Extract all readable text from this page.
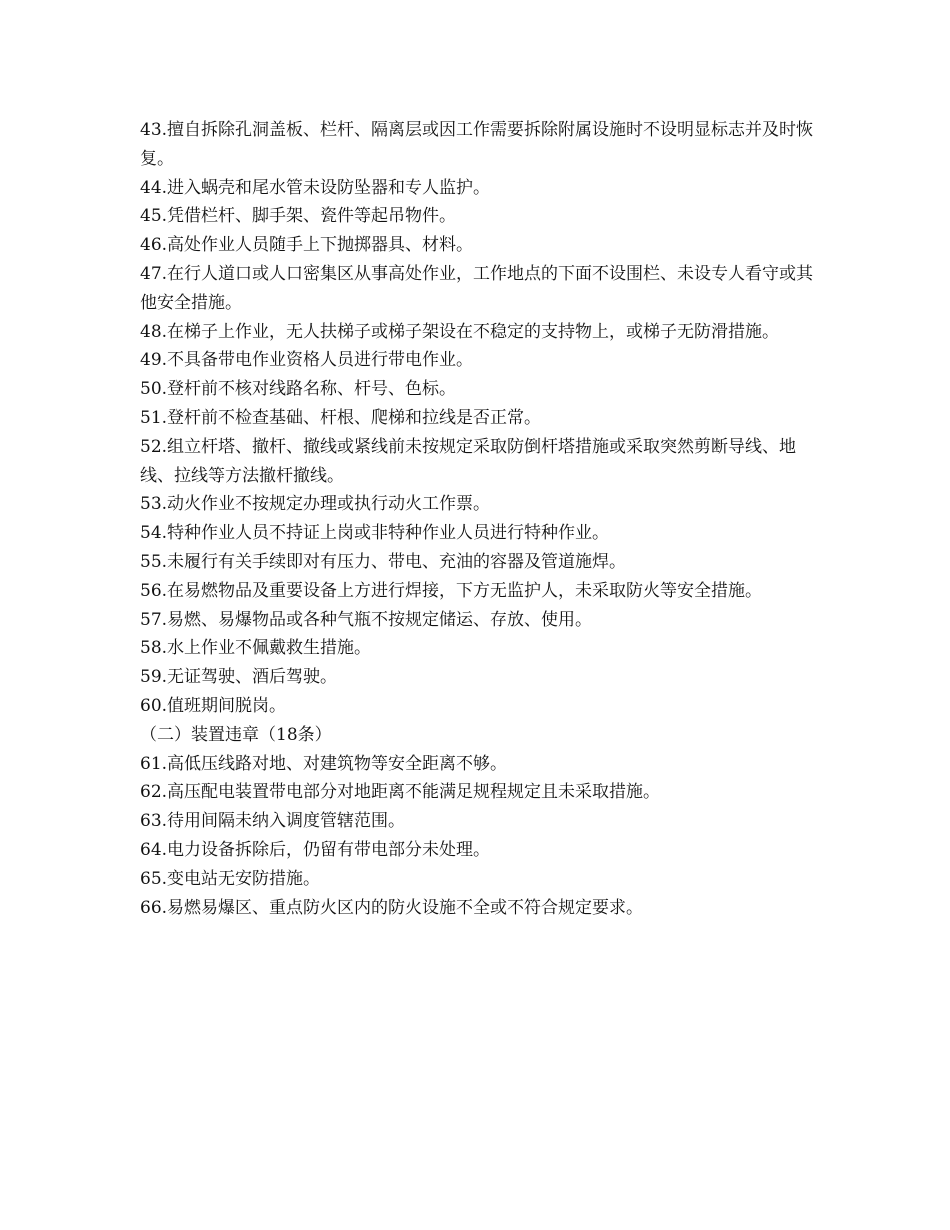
43.擅自拆除孔洞盖板、栏杆、隔离层或因工作需要拆除附属设施时不设明显标志并及时恢复。

44.进入蜗壳和尾水管未设防坠器和专人监护。

45.凭借栏杆、脚手架、瓷件等起吊物件。

46.高处作业人员随手上下抛掷器具、材料。

47.在行人道口或人口密集区从事高处作业，工作地点的下面不设围栏、未设专人看守或其他安全措施。

48.在梯子上作业，无人扶梯子或梯子架设在不稳定的支持物上，或梯子无防滑措施。

49.不具备带电作业资格人员进行带电作业。

50.登杆前不核对线路名称、杆号、色标。

51.登杆前不检查基础、杆根、爬梯和拉线是否正常。

52.组立杆塔、撤杆、撤线或紧线前未按规定采取防倒杆塔措施或采取突然剪断导线、地线、拉线等方法撤杆撤线。

53.动火作业不按规定办理或执行动火工作票。

54.特种作业人员不持证上岗或非特种作业人员进行特种作业。

55.未履行有关手续即对有压力、带电、充油的容器及管道施焊。

56.在易燃物品及重要设备上方进行焊接，下方无监护人，未采取防火等安全措施。

57.易燃、易爆物品或各种气瓶不按规定储运、存放、使用。

58.水上作业不佩戴救生措施。

59.无证驾驶、酒后驾驶。

60.值班期间脱岗。

（二）装置违章（18条）

61.高低压线路对地、对建筑物等安全距离不够。

62.高压配电装置带电部分对地距离不能满足规程规定且未采取措施。

63.待用间隔未纳入调度管辖范围。

64.电力设备拆除后，仍留有带电部分未处理。

65.变电站无安防措施。

66.易燃易爆区、重点防火区内的防火设施不全或不符合规定要求。
